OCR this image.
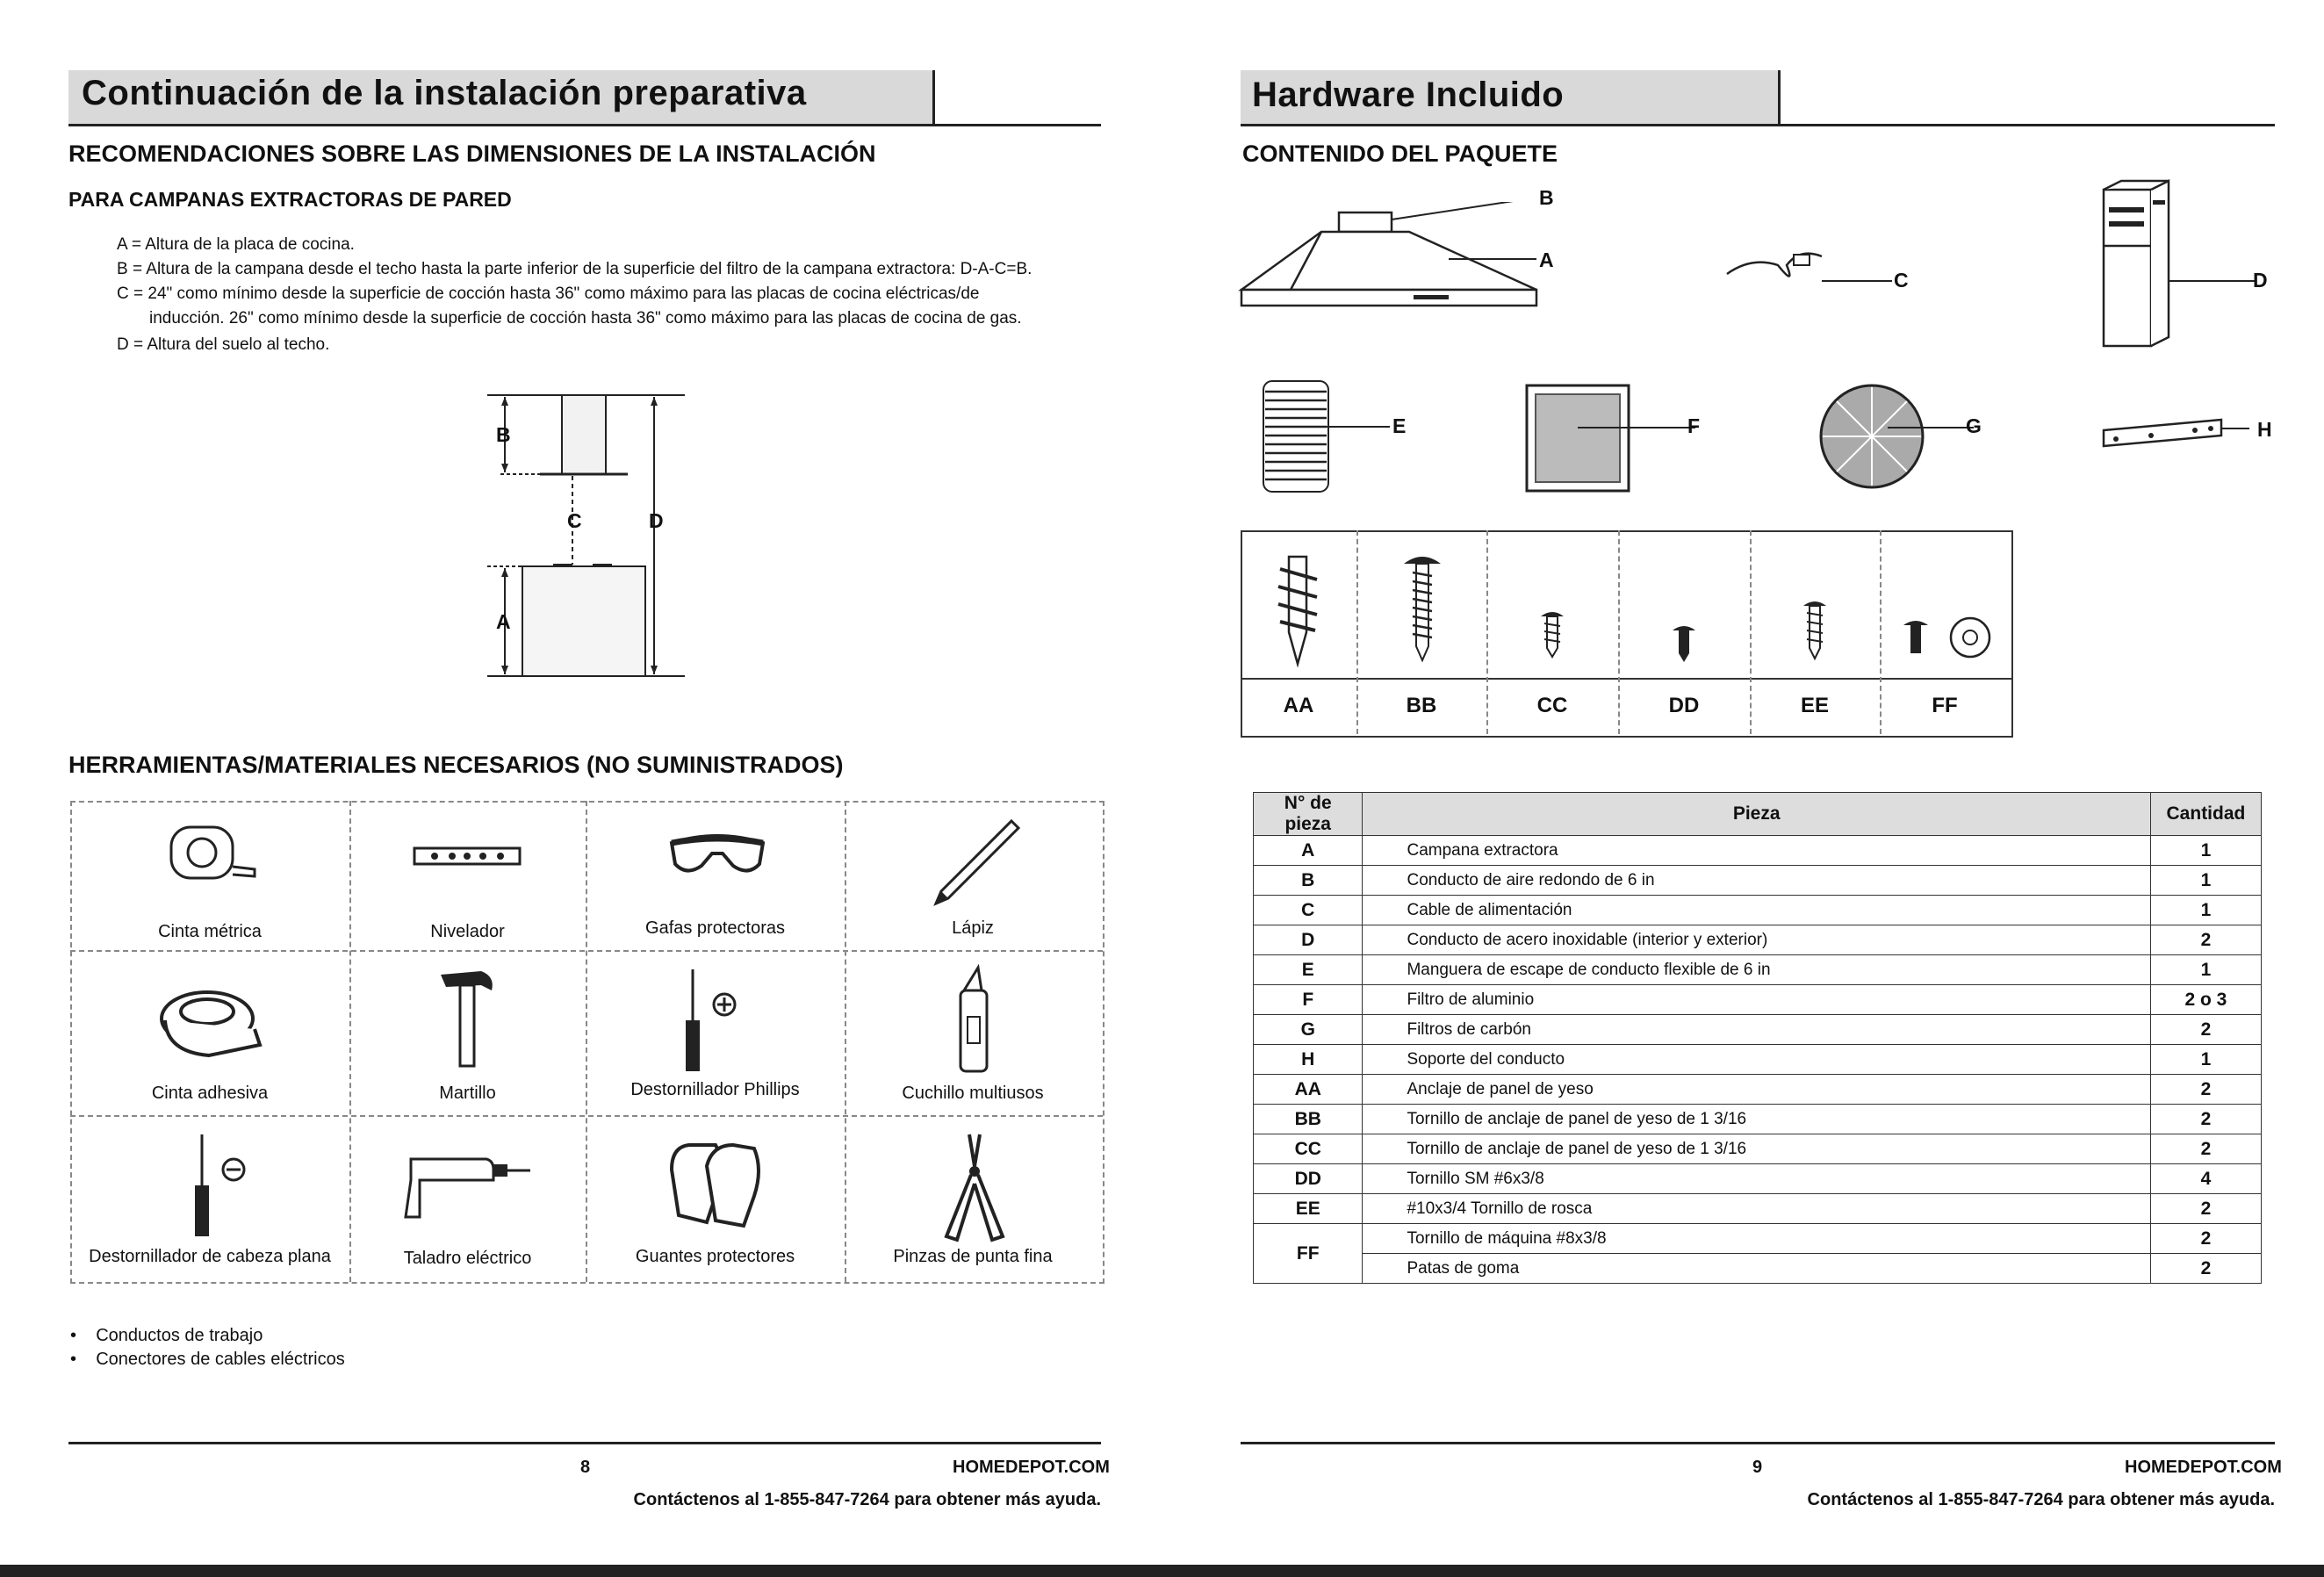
Continuación de la instalación preparativa
RECOMENDACIONES SOBRE LAS DIMENSIONES DE LA INSTALACIÓN
PARA CAMPANAS EXTRACTORAS DE PARED
A = Altura de la placa de cocina.
B = Altura de la campana desde el techo hasta la parte inferior de la superficie del filtro de la campana extractora: D-A-C=B.
C = 24" como mínimo desde la superficie de cocción hasta 36" como máximo para las placas de cocina eléctricas/de
inducción. 26" como mínimo desde la superficie de cocción hasta 36" como máximo para las placas de cocina de gas.
D = Altura del suelo al techo.
B
C	D
A
HERRAMIENTAS/MATERIALES NECESARIOS (NO SUMINISTRADOS)
Cinta métrica	Nivelador	Gafas protectoras	Lápiz
Cinta adhesiva	Martillo	Destornillador Phillips	Cuchillo multiusos
Destornillador de cabeza plana	Taladro eléctrico	Guantes protectores	Pinzas de punta fina
•    Conductos de trabajo
•    Conectores de cables eléctricos
8	HOMEDEPOT.COM
Contáctenos al 1-855-847-7264 para obtener más ayuda.
Hardware Incluido
CONTENIDO DEL PAQUETE
B
A
C	D
E	F	G	H
AA	BB	CC	DD	EE	FF
N° de pieza	Pieza	Cantidad
A	Campana extractora	1
B	Conducto de aire redondo de 6 in	1
C	Cable de alimentación	1
D	Conducto de acero inoxidable (interior y exterior)	2
E	Manguera de escape de conducto flexible de 6 in	1
F	Filtro de aluminio	2 o 3
G	Filtros de carbón	2
H	Soporte del conducto	1
AA	Anclaje de panel de yeso	2
BB	Tornillo de anclaje de panel de yeso de 1 3/16	2
CC	Tornillo de anclaje de panel de yeso de 1 3/16	2
DD	Tornillo SM #6x3/8	4
EE	#10x3/4 Tornillo de rosca	2
FF	Tornillo de máquina #8x3/8	2
	Patas de goma	2
9	HOMEDEPOT.COM
Contáctenos al 1-855-847-7264 para obtener más ayuda.
